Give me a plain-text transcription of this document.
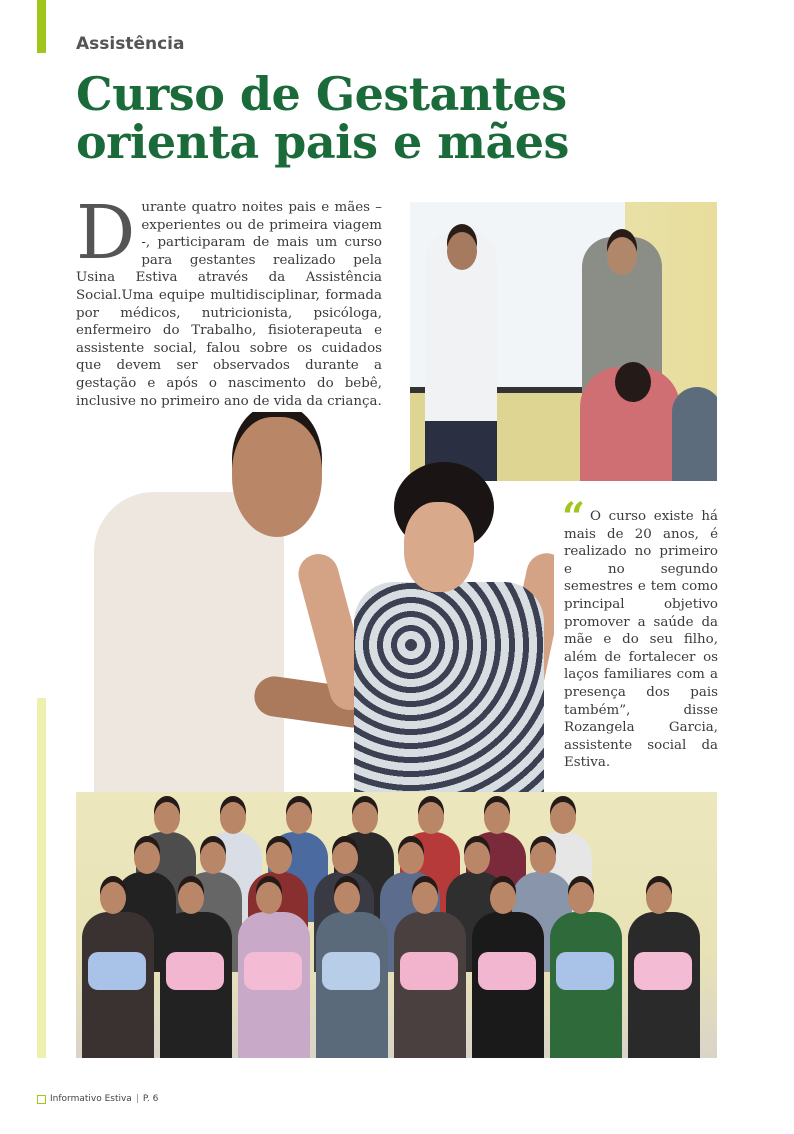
Assistência
Curso de Gestantes orienta pais e mães

Durante quatro noites pais e mães – experientes ou de primeira viagem -, participaram de mais um curso para gestantes realizado pela Usina Estiva através da Assistência Social.Uma equipe multidisciplinar, formada por médicos, nutricionista, psicóloga, enfermeiro do Trabalho, fisioterapeuta e assistente social, falou sobre os cuidados que devem ser observados durante a gestação e após o nascimento do bebê, inclusive no primeiro ano de vida da criança.

“ O curso existe há mais de 20 anos, é realizado no primeiro e no segundo semestres e tem como principal objetivo promover a saúde da mãe e do seu filho, além de fortalecer os laços familiares com a presença dos pais também”, disse Rozangela Garcia, assistente social da Estiva.

Informativo Estiva | P. 6
